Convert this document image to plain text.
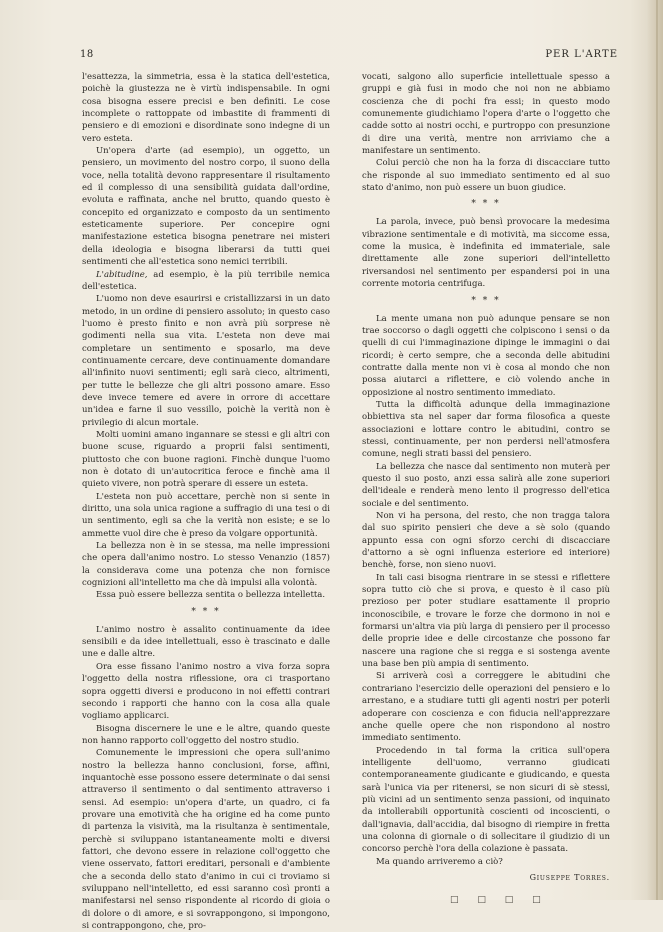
18	PER L'ARTE

l'esattezza, la simmetria, essa è la statica dell'estetica, poichè la giustezza ne è virtù indispensabile. In ogni cosa bisogna essere precisi e ben definiti. Le cose incomplete o rattoppate od imbastite di frammenti di pensiero e di emozioni e disordinate sono indegne di un vero esteta.

Un'opera d'arte (ad esempio), un oggetto, un pensiero, un movimento del nostro corpo, il suono della voce, nella totalità devono rappresentare il risultamento ed il complesso di una sensibilità guidata dall'ordine, evoluta e raffinata, anche nel brutto, quando questo è concepito ed organizzato e composto da un sentimento esteticamente superiore. Per concepire ogni manifestazione estetica bisogna penetrare nei misteri della ideologia e bisogna liberarsi da tutti quei sentimenti che all'estetica sono nemici terribili.

L'abitudine, ad esempio, è la più terribile nemica dell'estetica.

L'uomo non deve esaurirsi e cristallizzarsi in un dato metodo, in un ordine di pensiero assoluto; in questo caso l'uomo è presto finito e non avrà più sorprese nè godimenti nella sua vita. L'esteta non deve mai completare un sentimento e sposarlo, ma deve continuamente cercare, deve continuamente domandare all'infinito nuovi sentimenti; egli sarà cieco, altrimenti, per tutte le bellezze che gli altri possono amare. Esso deve invece temere ed avere in orrore di accettare un'idea e farne il suo vessillo, poichè la verità non è privilegio di alcun mortale.

Molti uomini amano ingannare se stessi e gli altri con buone scuse, riguardo a proprii falsi sentimenti, piuttosto che con buone ragioni. Finchè dunque l'uomo non è dotato di un'autocritica feroce e finchè ama il quieto vivere, non potrà sperare di essere un esteta.

L'esteta non può accettare, perchè non si sente in diritto, una sola unica ragione a suffragio di una tesi o di un sentimento, egli sa che la verità non esiste; e se lo ammette vuol dire che è preso da volgare opportunità.

La bellezza non è in se stessa, ma nelle impressioni che opera dall'animo nostro. Lo stesso Venanzio (1857) la considerava come una potenza che non fornisce cognizioni all'intelletto ma che dà impulsi alla volontà.

Essa può essere bellezza sentita o bellezza intelletta.

* * *

L'animo nostro è assalito continuamente da idee sensibili e da idee intellettuali, esso è trascinato e dalle une e dalle altre.

Ora esse fissano l'animo nostro a viva forza sopra l'oggetto della nostra riflessione, ora ci trasportano sopra oggetti diversi e producono in noi effetti contrari secondo i rapporti che hanno con la cosa alla quale vogliamo applicarci.

Bisogna discernere le une e le altre, quando queste non hanno rapporto coll'oggetto del nostro studio.

Comunemente le impressioni che opera sull'animo nostro la bellezza hanno conclusioni, forse, affini, inquantochè esse possono essere determinate o dai sensi attraverso il sentimento o dal sentimento attraverso i sensi. Ad esempio: un'opera d'arte, un quadro, ci fa provare una emotività che ha origine ed ha come punto di partenza la visività, ma la risultanza è sentimentale, perchè si sviluppano istantaneamente molti e diversi fattori, che devono essere in relazione coll'oggetto che viene osservato, fattori ereditari, personali e d'ambiente che a seconda dello stato d'animo in cui ci troviamo si sviluppano nell'intelletto, ed essi saranno così pronti a manifestarsi nel senso rispondente al ricordo di gioia o di dolore o di amore, e si sovrappongono, si impongono, si contrappongono, che, pro-

vocati, salgono allo superficie intellettuale spesso a gruppi e già fusi in modo che noi non ne abbiamo coscienza che di pochi fra essi; in questo modo comunemente giudichiamo l'opera d'arte o l'oggetto che cadde sotto ai nostri occhi, e purtroppo con presunzione di dire una verità, mentre non arriviamo che a manifestare un sentimento.

Colui perciò che non ha la forza di discacciare tutto che risponde al suo immediato sentimento ed al suo stato d'animo, non può essere un buon giudice.

* * *

La parola, invece, può bensì provocare la medesima vibrazione sentimentale e di motività, ma siccome essa, come la musica, è indefinita ed immateriale, sale direttamente alle zone superiori dell'intelletto riversandosi nel sentimento per espandersi poi in una corrente motoria centrifuga.

* * *

La mente umana non può adunque pensare se non trae soccorso o dagli oggetti che colpiscono i sensi o da quelli di cui l'immaginazione dipinge le immagini o dai ricordi; è certo sempre, che a seconda delle abitudini contratte dalla mente non vi è cosa al mondo che non possa aiutarci a riflettere, e ciò volendo anche in opposizione al nostro sentimento immediato.

Tutta la difficoltà adunque della immaginazione obbiettiva sta nel saper dar forma filosofica a queste associazioni e lottare contro le abitudini, contro se stessi, continuamente, per non perdersi nell'atmosfera comune, negli strati bassi del pensiero.

La bellezza che nasce dal sentimento non muterà per questo il suo posto, anzi essa salirà alle zone superiori dell'ideale e renderà meno lento il progresso dell'etica sociale e del sentimento.

Non vi ha persona, del resto, che non tragga talora dal suo spirito pensieri che deve a sè solo (quando appunto essa con ogni sforzo cerchi di discacciare d'attorno a sè ogni influenza esteriore ed interiore) benchè, forse, non sieno nuovi.

In tali casi bisogna rientrare in se stessi e riflettere sopra tutto ciò che si prova, e questo è il caso più prezioso per poter studiare esattamente il proprio inconoscibile, e trovare le forze che dormono in noi e formarsi un'altra via più larga di pensiero per il processo delle proprie idee e delle circostanze che possono far nascere una ragione che si regga e si sostenga avente una base ben più ampia di sentimento.

Si arriverà così a correggere le abitudini che contrariano l'esercizio delle operazioni del pensiero e lo arrestano, e a studiare tutti gli agenti nostri per poterli adoperare con coscienza e con fiducia nell'apprezzare anche quelle opere che non rispondono al nostro immediato sentimento.

Procedendo in tal forma la critica sull'opera intelligente dell'uomo, verranno giudicati contemporaneamente giudicante e giudicando, e questa sarà l'unica via per ritenersi, se non sicuri di sè stessi, più vicini ad un sentimento senza passioni, od inquinato da intollerabili opportunità coscienti od incoscienti, o dall'ignavia, dall'accidia, dal bisogno di riempire in fretta una colonna di giornale o di sollecitare il giudizio di un concorso perchè l'ora della colazione è passata.

Ma quando arriveremo a ciò?

Giuseppe Torres.
□ □ □ □
